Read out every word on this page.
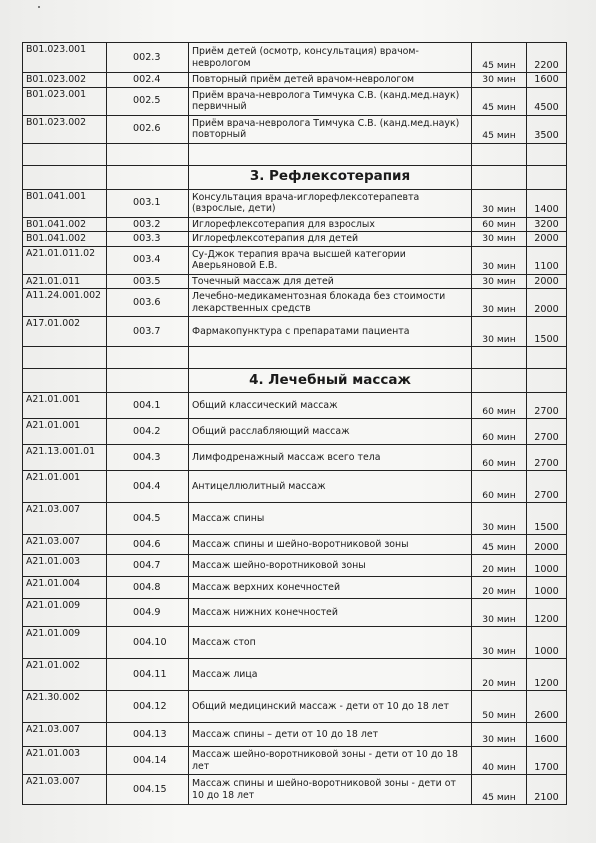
B01.023.001	002.3	Приём детей (осмотр, консультация) врачом-неврологом	45 мин	2200
B01.023.002	002.4	Повторный приём детей врачом-неврологом	30 мин	1600
B01.023.001	002.5	Приём врача-невролога Тимчука С.В. (канд.мед.наук) первичный	45 мин	4500
B01.023.002	002.6	Приём врача-невролога Тимчука С.В. (канд.мед.наук) повторный	45 мин	3500

		3. Рефлексотерапия		
B01.041.001	003.1	Консультация врача-иглорефлексотерапевта (взрослые, дети)	30 мин	1400
B01.041.002	003.2	Иглорефлексотерапия для взрослых	60 мин	3200
B01.041.002	003.3	Иглорефлексотерапия для детей	30 мин	2000
A21.01.011.02	003.4	Су-Джок терапия врача высшей категории Аверьяновой Е.В.	30 мин	1100
A21.01.011	003.5	Точечный массаж для детей	30 мин	2000
A11.24.001.002	003.6	Лечебно-медикаментозная блокада без стоимости лекарственных средств	30 мин	2000
A17.01.002	003.7	Фармакопунктура с препаратами пациента	30 мин	1500

		4. Лечебный массаж		
A21.01.001	004.1	Общий классический массаж	60 мин	2700
A21.01.001	004.2	Общий расслабляющий массаж	60 мин	2700
A21.13.001.01	004.3	Лимфодренажный массаж всего тела	60 мин	2700
A21.01.001	004.4	Антицеллюлитный массаж	60 мин	2700
A21.03.007	004.5	Массаж спины	30 мин	1500
A21.03.007	004.6	Массаж спины и шейно-воротниковой зоны	45 мин	2000
A21.01.003	004.7	Массаж шейно-воротниковой зоны	20 мин	1000
A21.01.004	004.8	Массаж верхних конечностей	20 мин	1000
A21.01.009	004.9	Массаж нижних конечностей	30 мин	1200
A21.01.009	004.10	Массаж стоп	30 мин	1000
A21.01.002	004.11	Массаж лица	20 мин	1200
A21.30.002	004.12	Общий медицинский массаж - дети от 10 до 18 лет	50 мин	2600
A21.03.007	004.13	Массаж спины – дети от 10 до 18 лет	30 мин	1600
A21.01.003	004.14	Массаж шейно-воротниковой зоны - дети от 10 до 18 лет	40 мин	1700
A21.03.007	004.15	Массаж спины и шейно-воротниковой зоны - дети от 10 до 18 лет	45 мин	2100
